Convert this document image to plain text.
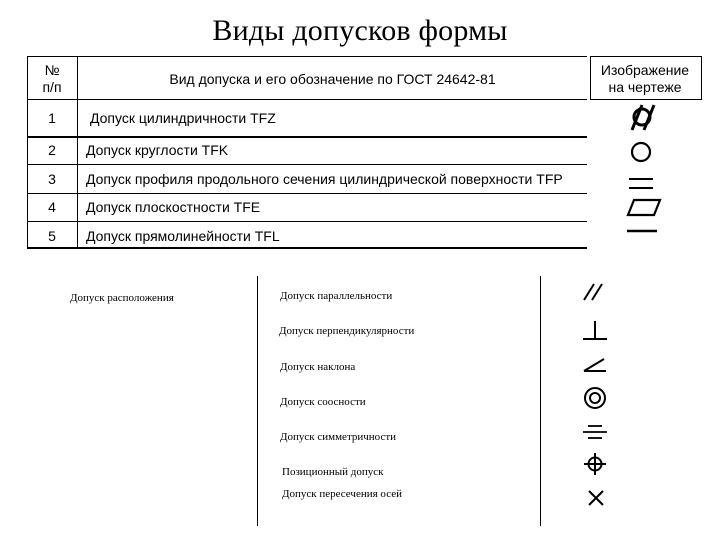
Виды допусков формы
№
п/п	Вид допуска и его обозначение по ГОСТ 24642-81
Изображение
на чертеже
1	Допуск цилиндричности TFZ
2	Допуск круглости TFK
3	Допуск профиля продольного сечения цилиндрической поверхности TFP
4	Допуск плоскостности TFE
5	Допуск прямолинейности TFL
Допуск расположения	Допуск параллельности
Допуск перпендикулярности
Допуск наклона
Допуск соосности
Допуск симметричности
Позиционный допуск
Допуск пересечения осей
